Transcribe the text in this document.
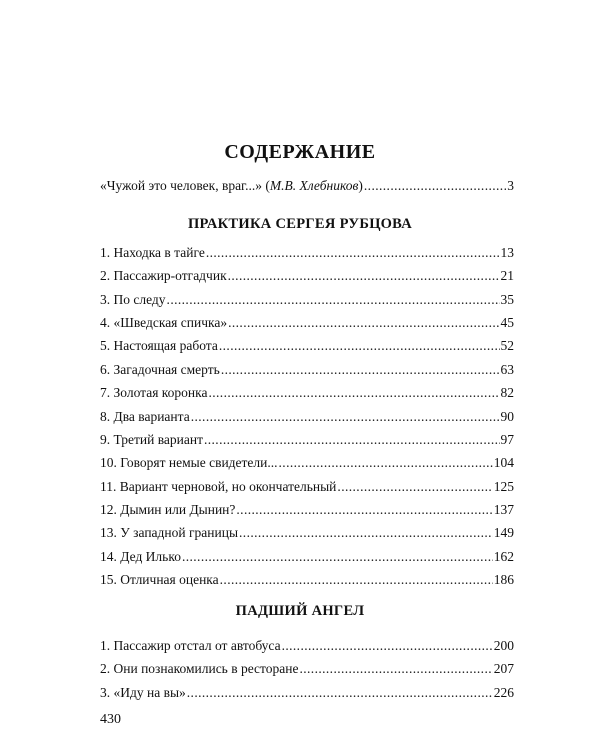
СОДЕРЖАНИЕ
«Чужой это человек, враг...» (М.В. Хлебников) .....	3
ПРАКТИКА СЕРГЕЯ РУБЦОВА
1. Находка в тайге .....	13
2. Пассажир-отгадчик .....	21
3. По следу .....	35
4. «Шведская спичка» .....	45
5. Настоящая работа .....	52
6. Загадочная смерть .....	63
7. Золотая коронка .....	82
8. Два варианта .....	90
9. Третий вариант .....	97
10. Говорят немые свидетели... .....	104
11. Вариант черновой, но окончательный .....	125
12. Дымин или Дынин? .....	137
13. У западной границы .....	149
14. Дед Илько .....	162
15. Отличная оценка .....	186
ПАДШИЙ АНГЕЛ
1. Пассажир отстал от автобуса .....	200
2. Они познакомились в ресторане .....	207
3. «Иду на вы» .....	226
430
